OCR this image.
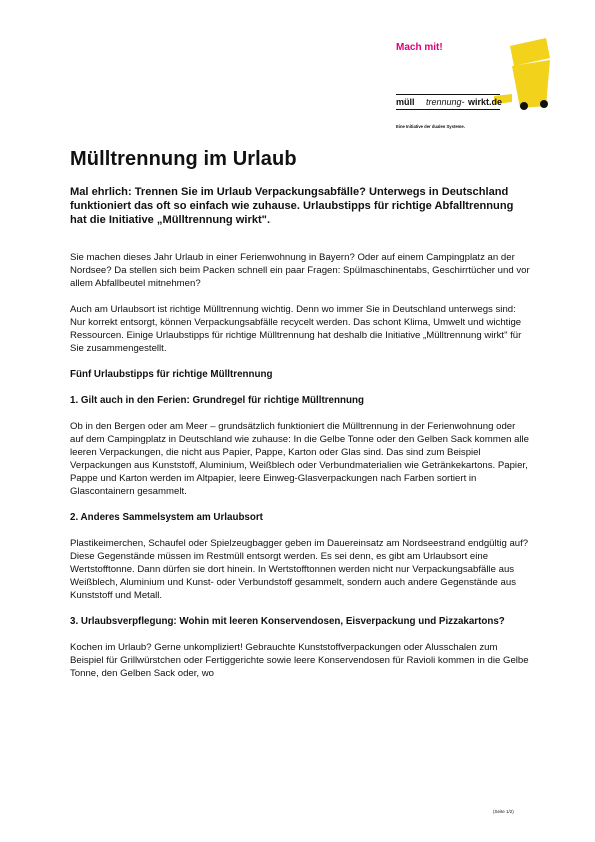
Mach mit!
müll trennung- wirkt.de
Eine Initiative der dualen Systeme.
Mülltrennung im Urlaub

Mal ehrlich: Trennen Sie im Urlaub Verpackungsabfälle? Unterwegs in Deutschland funktioniert das oft so einfach wie zuhause. Urlaubstipps für richtige Abfalltrennung hat die Initiative „Mülltrennung wirkt".

Sie machen dieses Jahr Urlaub in einer Ferienwohnung in Bayern? Oder auf einem Campingplatz an der Nordsee? Da stellen sich beim Packen schnell ein paar Fragen: Spülmaschinentabs, Geschirrtücher und vor allem Abfallbeutel mitnehmen?

Auch am Urlaubsort ist richtige Mülltrennung wichtig. Denn wo immer Sie in Deutschland unterwegs sind: Nur korrekt entsorgt, können Verpackungsabfälle recycelt werden. Das schont Klima, Umwelt und wichtige Ressourcen. Einige Urlaubstipps für richtige Mülltrennung hat deshalb die Initiative „Mülltrennung wirkt" für Sie zusammengestellt.

Fünf Urlaubstipps für richtige Mülltrennung
1. Gilt auch in den Ferien: Grundregel für richtige Mülltrennung

Ob in den Bergen oder am Meer – grundsätzlich funktioniert die Mülltrennung in der Ferienwohnung oder auf dem Campingplatz in Deutschland wie zuhause: In die Gelbe Tonne oder den Gelben Sack kommen alle leeren Verpackungen, die nicht aus Papier, Pappe, Karton oder Glas sind. Das sind zum Beispiel Verpackungen aus Kunststoff, Aluminium, Weißblech oder Verbundmaterialien wie Getränkekartons. Papier, Pappe und Karton werden im Altpapier, leere Einweg-Glasverpackungen nach Farben sortiert in Glascontainern gesammelt.

2. Anderes Sammelsystem am Urlaubsort

Plastikeimerchen, Schaufel oder Spielzeugbagger geben im Dauereinsatz am Nordseestrand endgültig auf? Diese Gegenstände müssen im Restmüll entsorgt werden. Es sei denn, es gibt am Urlaubsort eine Wertstofftonne. Dann dürfen sie dort hinein. In Wertstofftonnen werden nicht nur Verpackungsabfälle aus Weißblech, Aluminium und Kunst- oder Verbundstoff gesammelt, sondern auch andere Gegenstände aus Kunststoff und Metall.

3. Urlaubsverpflegung: Wohin mit leeren Konservendosen, Eisverpackung und Pizzakartons?

Kochen im Urlaub? Gerne unkompliziert! Gebrauchte Kunststoffverpackungen oder Alusschalen zum Beispiel für Grillwürstchen oder Fertiggerichte sowie leere Konservendosen für Ravioli kommen in die Gelbe Tonne, den Gelben Sack oder, wo

(Seite 1/2)
